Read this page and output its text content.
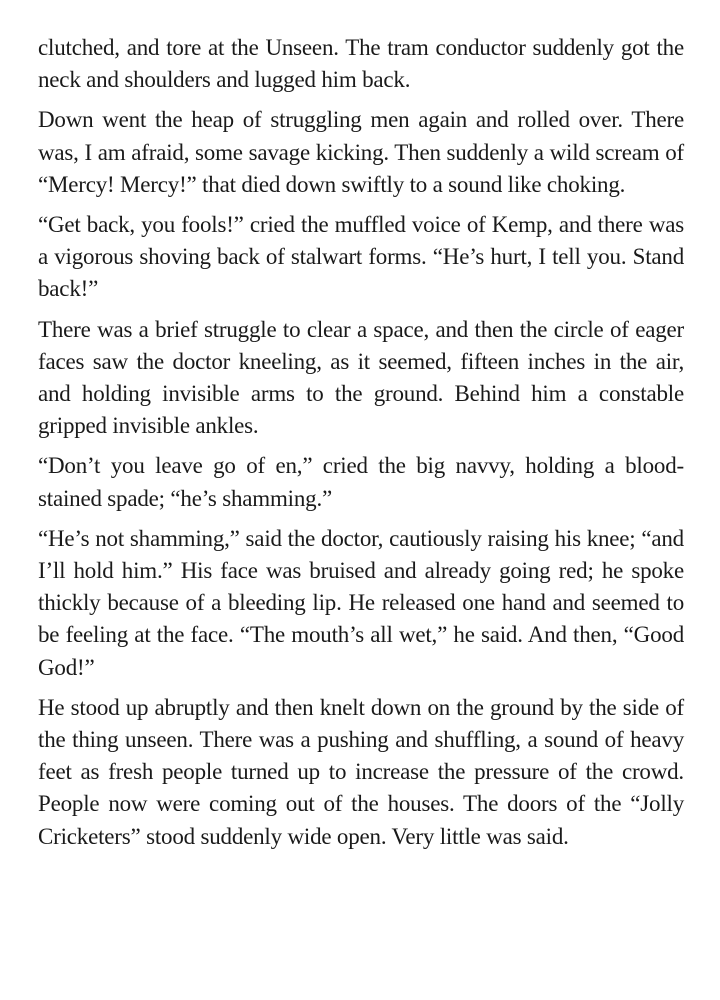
clutched, and tore at the Unseen. The tram conductor suddenly got the neck and shoulders and lugged him back.

Down went the heap of struggling men again and rolled over. There was, I am afraid, some savage kicking. Then suddenly a wild scream of “Mercy! Mercy!” that died down swiftly to a sound like choking.

“Get back, you fools!” cried the muffled voice of Kemp, and there was a vigorous shoving back of stalwart forms. “He’s hurt, I tell you. Stand back!”

There was a brief struggle to clear a space, and then the circle of eager faces saw the doctor kneeling, as it seemed, fifteen inches in the air, and holding invisible arms to the ground. Behind him a constable gripped invisible ankles.

“Don’t you leave go of en,” cried the big navvy, holding a blood-stained spade; “he’s shamming.”

“He’s not shamming,” said the doctor, cautiously raising his knee; “and I’ll hold him.” His face was bruised and already going red; he spoke thickly because of a bleeding lip. He released one hand and seemed to be feeling at the face. “The mouth’s all wet,” he said. And then, “Good God!”

He stood up abruptly and then knelt down on the ground by the side of the thing unseen. There was a pushing and shuffling, a sound of heavy feet as fresh people turned up to increase the pressure of the crowd. People now were coming out of the houses. The doors of the “Jolly Cricketers” stood suddenly wide open. Very little was said.
